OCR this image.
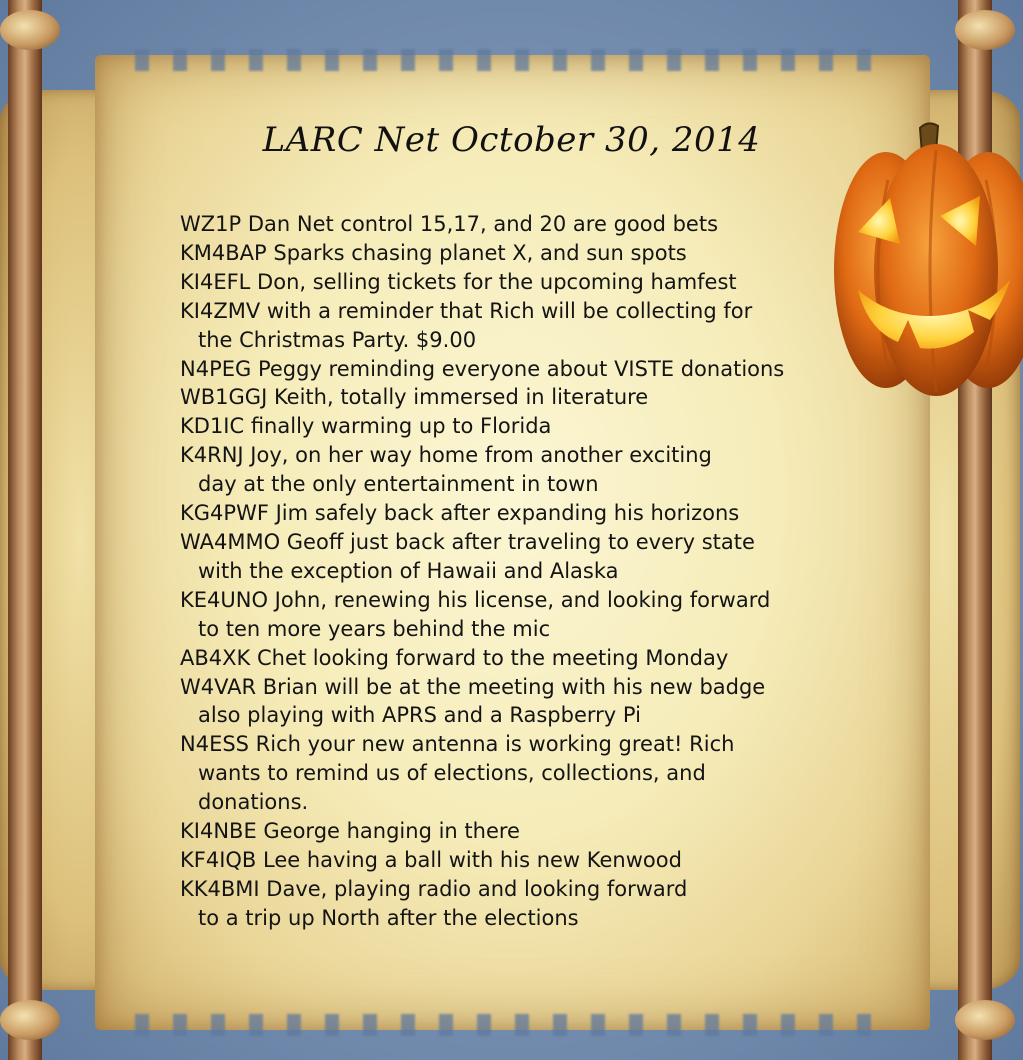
LARC Net October 30, 2014
WZ1P Dan Net control 15,17, and 20 are good bets
KM4BAP Sparks chasing planet X, and sun spots
KI4EFL Don, selling tickets for the upcoming hamfest
KI4ZMV with a reminder that Rich will be collecting for
the Christmas Party. $9.00
N4PEG Peggy reminding everyone about VISTE donations
WB1GGJ Keith, totally immersed in literature
KD1IC finally warming up to Florida
K4RNJ Joy, on her way home from another exciting
day at the only entertainment in town
KG4PWF Jim safely back after expanding his horizons
WA4MMO Geoff just back after traveling to every state
with the exception of Hawaii and Alaska
KE4UNO John, renewing his license, and looking forward
to ten more years behind the mic
AB4XK Chet looking forward to the meeting Monday
W4VAR Brian will be at the meeting with his new badge
also playing with APRS and a Raspberry Pi
N4ESS Rich your new antenna is working great! Rich
wants to remind us of elections, collections, and
donations.
KI4NBE George hanging in there
KF4IQB Lee having a ball with his new Kenwood
KK4BMI Dave, playing radio and looking forward
to a trip up North after the elections
